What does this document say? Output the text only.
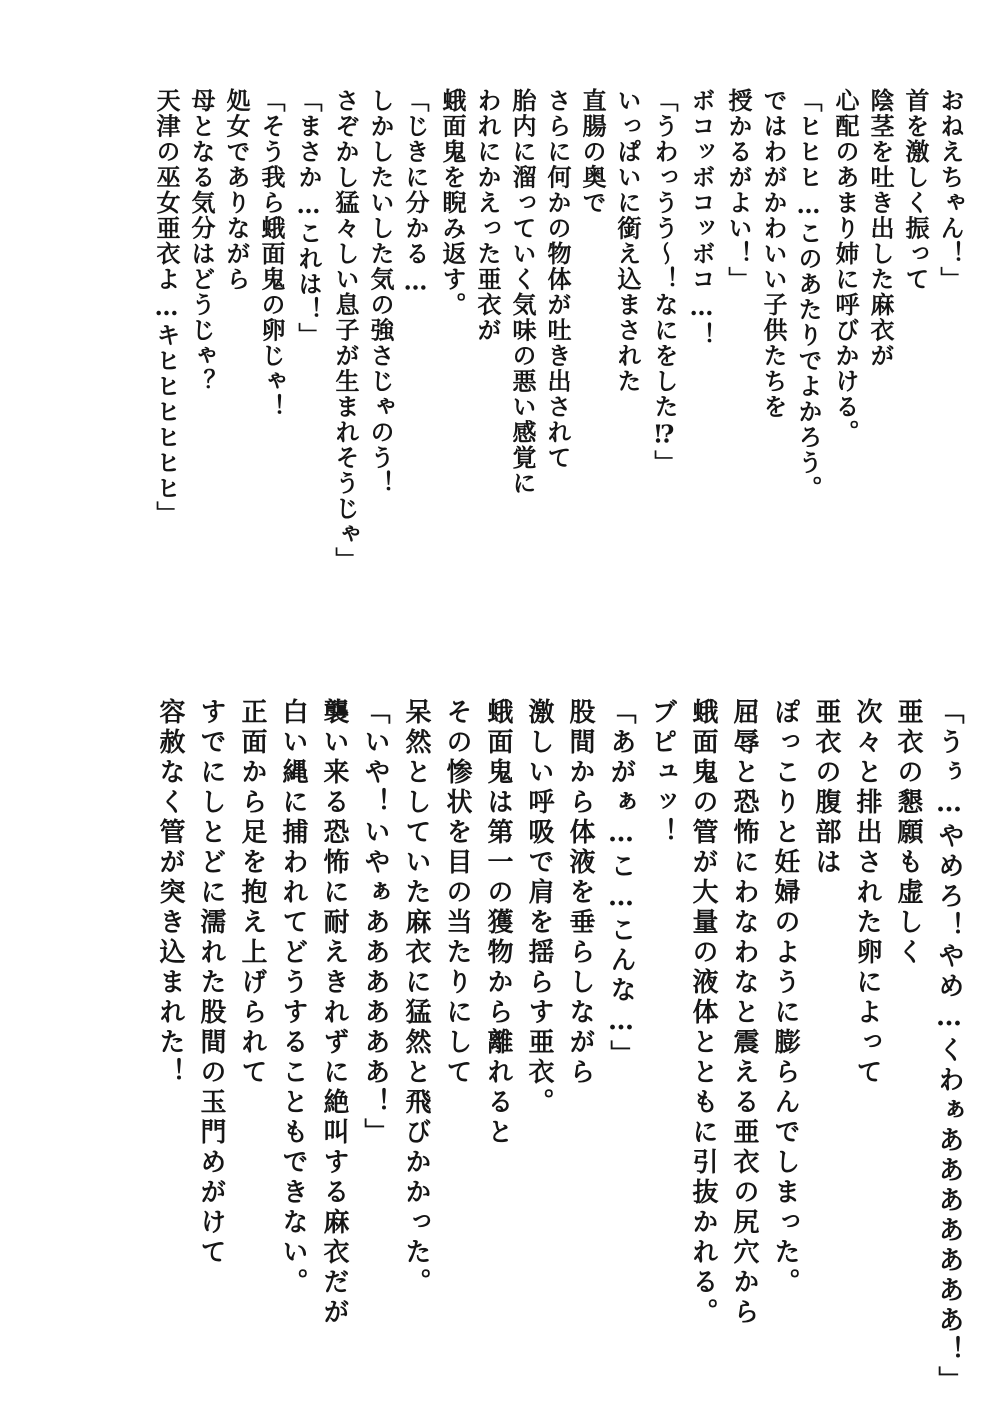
おねえちゃん！」
首を激しく振って
陰茎を吐き出した麻衣が
心配のあまり姉に呼びかける。
「ヒヒヒ…このあたりでよかろう。
ではわがかわいい子供たちを
授かるがよい！」
ボコッボコッボコ…！
「うわっうう～！なにをした⁉」
いっぱいに銜え込まされた
直腸の奥で
さらに何かの物体が吐き出されて
胎内に溜っていく気味の悪い感覚に
われにかえった亜衣が
蛾面鬼を睨み返す。
「じきに分かる…
しかしたいした気の強さじゃのう！
さぞかし猛々しい息子が生まれそうじゃ」
「まさか…これは！」
「そう我ら蛾面鬼の卵じゃ！
処女でありながら
母となる気分はどうじゃ？
天津の巫女亜衣よ…キヒヒヒヒヒヒ」
「うぅ…やめろ！やめ…くわぁあああああああ！」
亜衣の懇願も虚しく
次々と排出された卵によって
亜衣の腹部は
ぽっこりと妊婦のように膨らんでしまった。
屈辱と恐怖にわなわなと震える亜衣の尻穴から
蛾面鬼の管が大量の液体とともに引抜かれる。
ブピュッ！
「あがぁ…こ…こんな…」
股間から体液を垂らしながら
激しい呼吸で肩を揺らす亜衣。
蛾面鬼は第一の獲物から離れると
その惨状を目の当たりにして
呆然としていた麻衣に猛然と飛びかかった。
「いや！いやぁああああああ！」
襲い来る恐怖に耐えきれずに絶叫する麻衣だが
白い縄に捕われてどうすることもできない。
正面から足を抱え上げられて
すでにしとどに濡れた股間の玉門めがけて
容赦なく管が突き込まれた！
